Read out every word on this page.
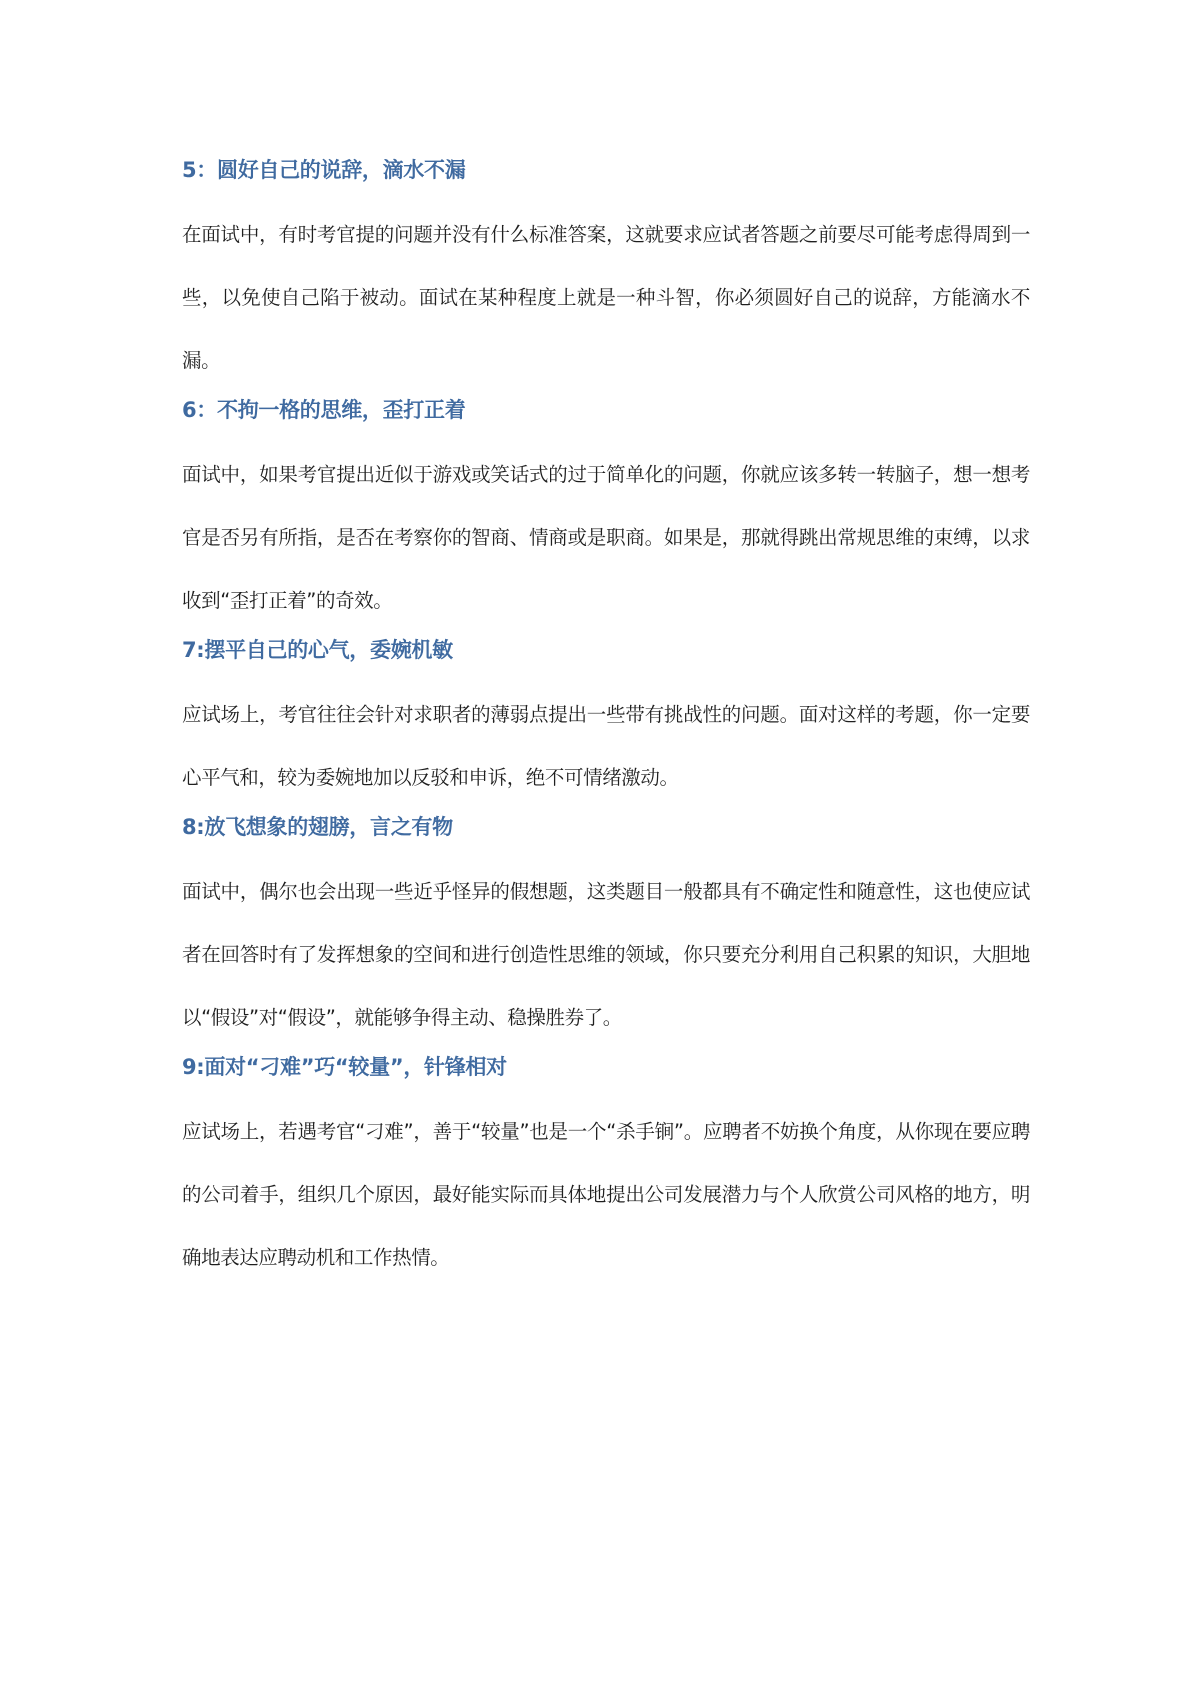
5：圆好自己的说辞，滴水不漏

在面试中，有时考官提的问题并没有什么标准答案，这就要求应试者答题之前要尽可能考虑得周到一些，以免使自己陷于被动。面试在某种程度上就是一种斗智，你必须圆好自己的说辞，方能滴水不漏。

6：不拘一格的思维，歪打正着

面试中，如果考官提出近似于游戏或笑话式的过于简单化的问题，你就应该多转一转脑子，想一想考官是否另有所指，是否在考察你的智商、情商或是职商。如果是，那就得跳出常规思维的束缚，以求收到“歪打正着”的奇效。

7:摆平自己的心气，委婉机敏

应试场上，考官往往会针对求职者的薄弱点提出一些带有挑战性的问题。面对这样的考题，你一定要心平气和，较为委婉地加以反驳和申诉，绝不可情绪激动。

8:放飞想象的翅膀，言之有物

面试中，偶尔也会出现一些近乎怪异的假想题，这类题目一般都具有不确定性和随意性，这也使应试者在回答时有了发挥想象的空间和进行创造性思维的领域，你只要充分利用自己积累的知识，大胆地以“假设”对“假设”，就能够争得主动、稳操胜券了。

9:面对“刁难”巧“较量”，针锋相对

应试场上，若遇考官“刁难”，善于“较量”也是一个“杀手锏”。应聘者不妨换个角度，从你现在要应聘的公司着手，组织几个原因，最好能实际而具体地提出公司发展潜力与个人欣赏公司风格的地方，明确地表达应聘动机和工作热情。
